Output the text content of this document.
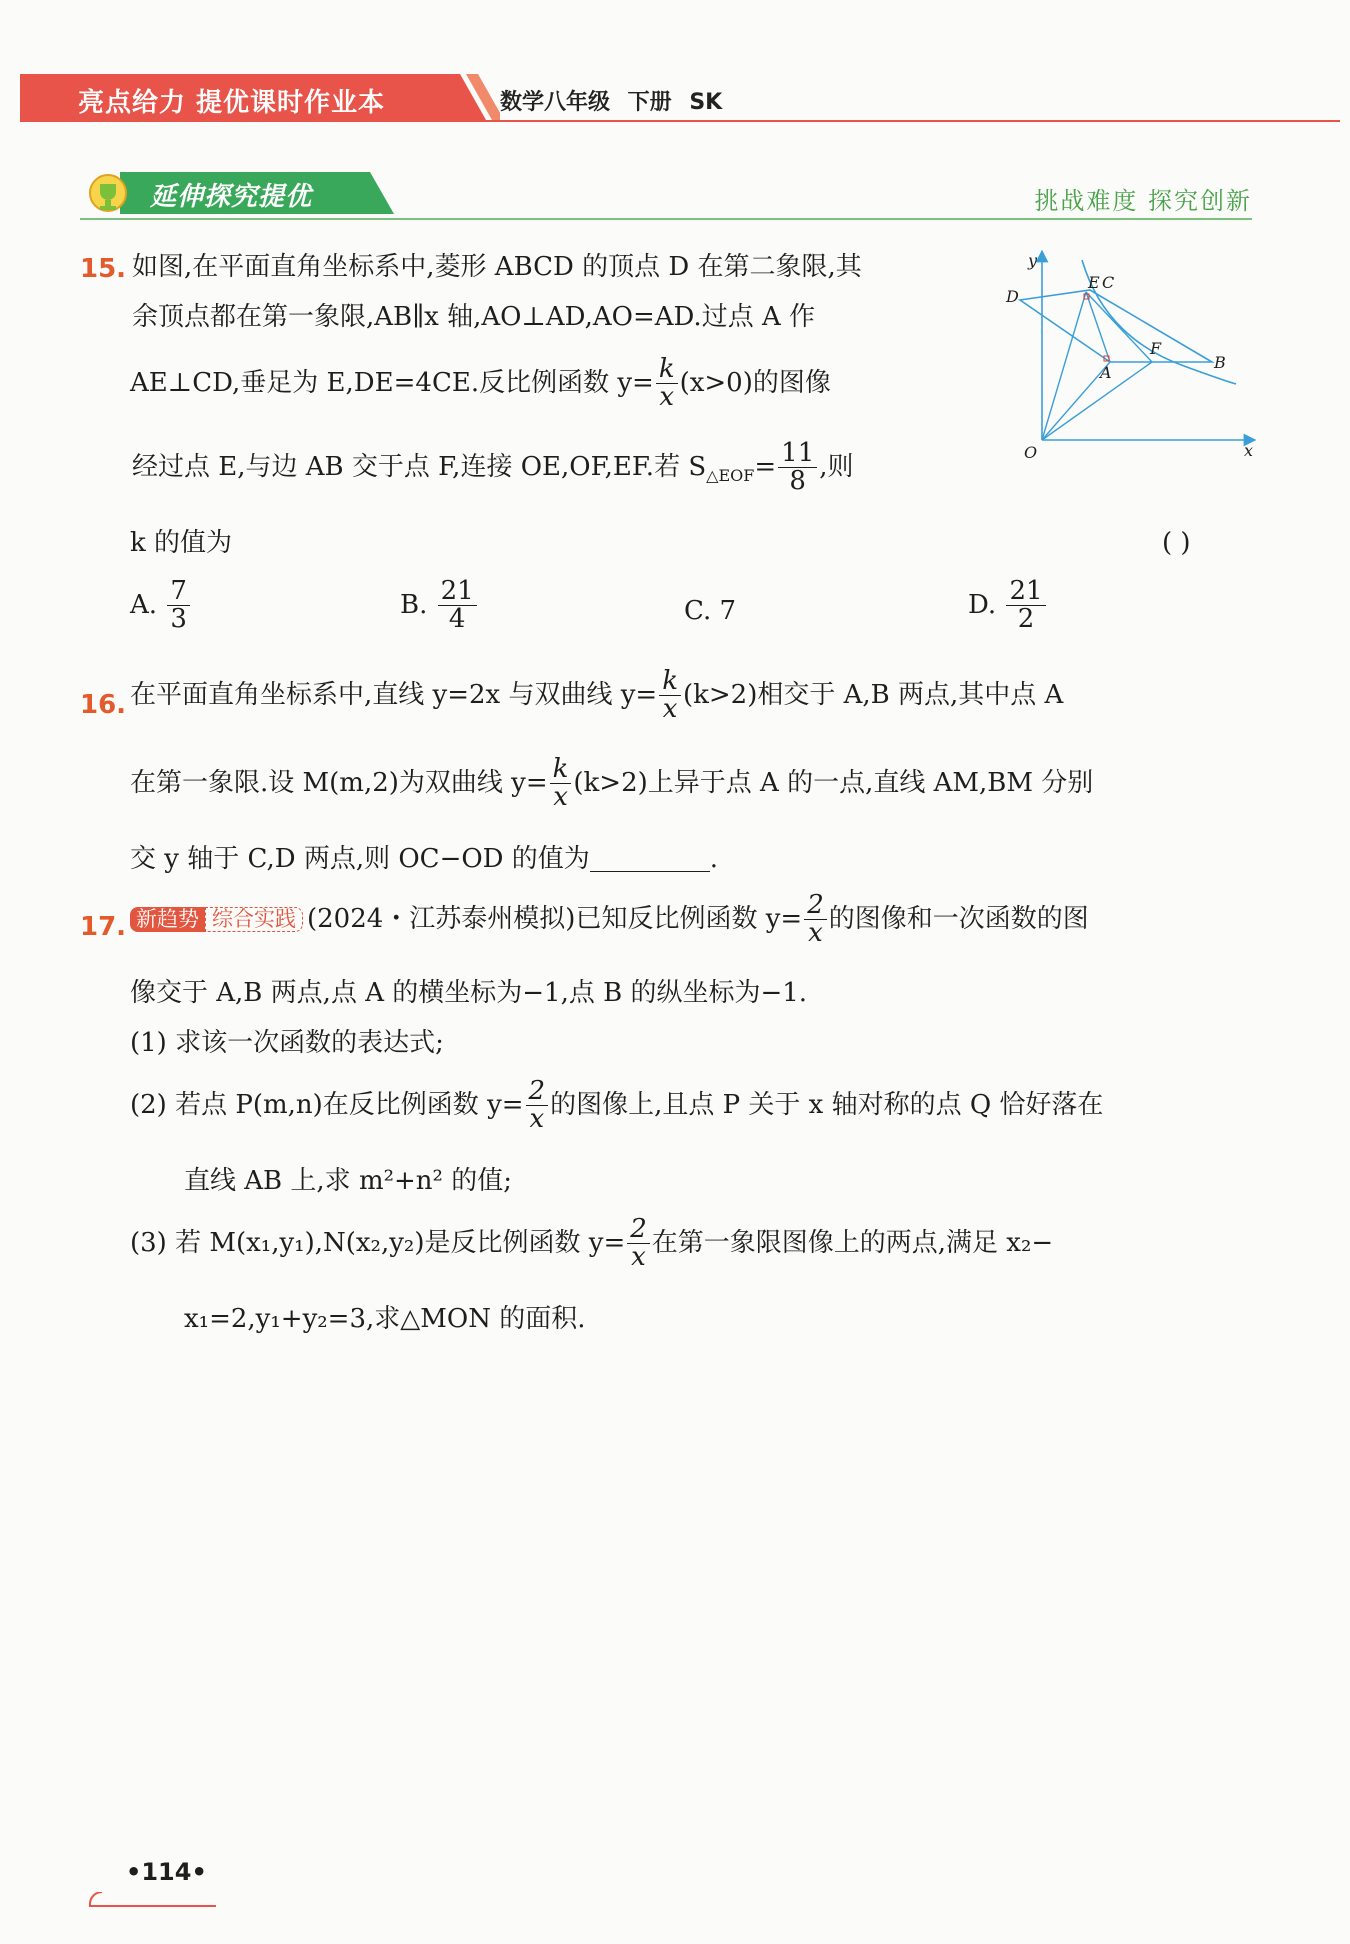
亮点给力 提优课时作业本	数学八年级 下册 SK
延伸探究提优	挑战难度 探究创新
15. 如图,在平面直角坐标系中,菱形 ABCD 的顶点 D 在第二象限,其
余顶点都在第一象限,AB∥x 轴,AO⊥AD,AO=AD.过点 A 作
AE⊥CD,垂足为 E,DE=4CE.反比例函数 $y= \frac{k}{x} (x>0)$的图像
经过点 E,与边 AB 交于点 F,连接 OE,OF,EF.若 $S_{\triangle EOF}= \frac{11}{8}$ ,则
k 的值为	( )
A. $\frac{7}{3}$	B. $\frac{21}{4}$	C. 7	D. $\frac{21}{2}$
y
x
O
D
E C
F
B
A
16. 在平面直角坐标系中,直线 y=2x 与双曲线 $y= \frac{k}{x} (k>2)$相交于 A,B 两点,其中点 A
在第一象限.设 M(m,2)为双曲线 $y= \frac{k}{x} (k>2)$上异于点 A 的一点,直线 AM,BM 分别
交 y 轴于 C,D 两点,则 OC−OD 的值为	.
17. 新趋势 综合实践 (2024・江苏泰州模拟)已知反比例函数 $y= \frac{2}{x}$ 的图像和一次函数的图
像交于 A,B 两点,点 A 的横坐标为−1,点 B 的纵坐标为−1.
(1) 求该一次函数的表达式;
(2) 若点 P(m,n)在反比例函数 $y= \frac{2}{x}$ 的图像上,且点 P 关于 x 轴对称的点 Q 恰好落在
直线 AB 上,求 m²+n² 的值;
(3) 若 M(x₁,y₁),N(x₂,y₂)是反比例函数 $y= \frac{2}{x}$ 在第一象限图像上的两点,满足 x₂−
x₁=2,y₁+y₂=3,求△MON 的面积.
•114•
